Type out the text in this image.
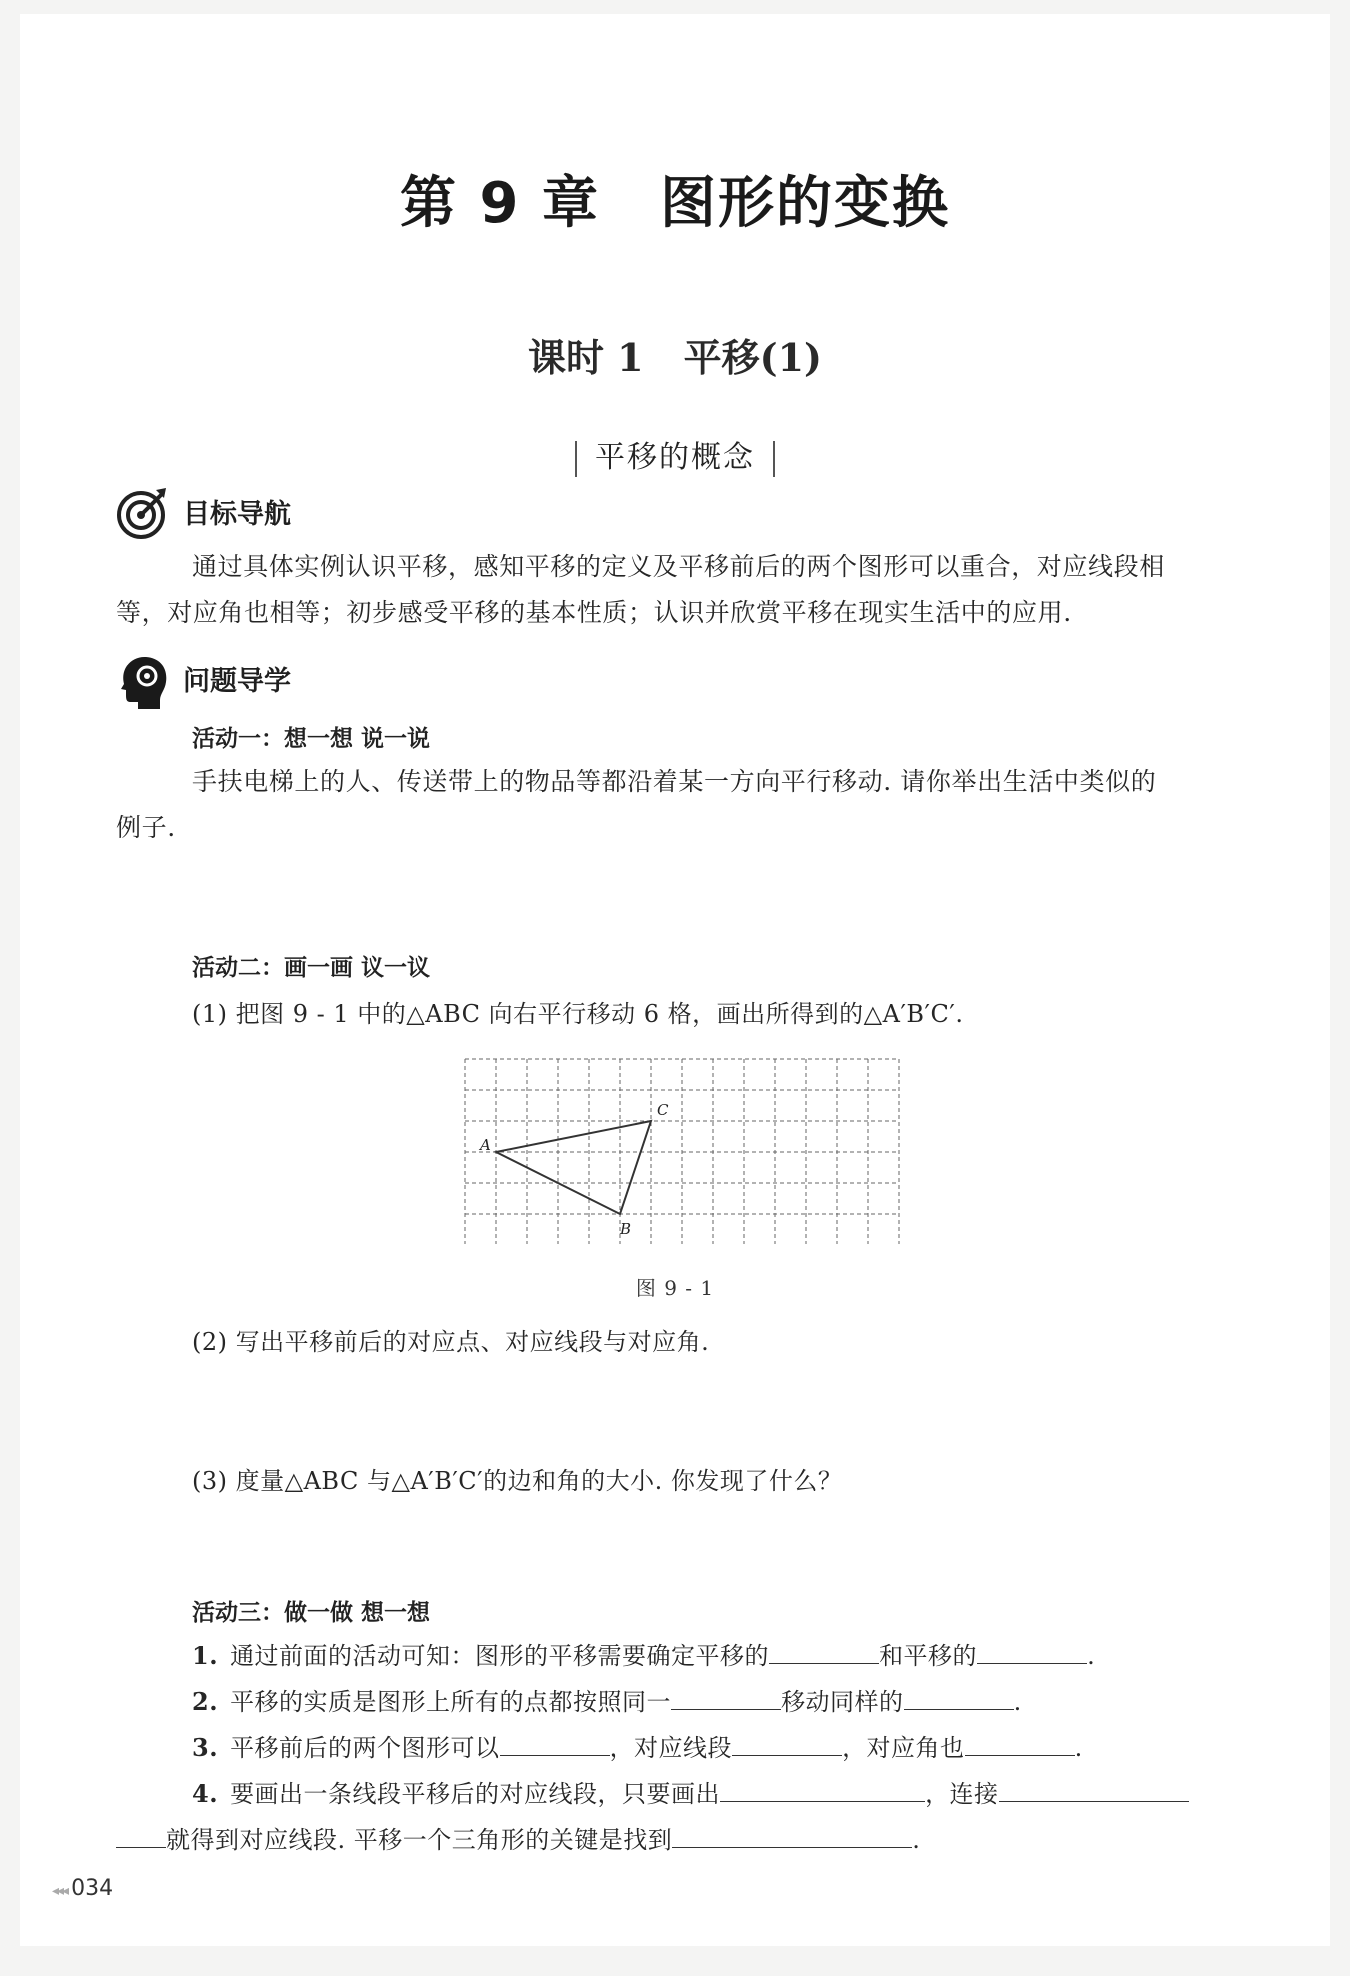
第 9 章 图形的变换
课时 1 平移(1)
平移的概念
目标导航
通过具体实例认识平移，感知平移的定义及平移前后的两个图形可以重合，对应线段相
等，对应角也相等；初步感受平移的基本性质；认识并欣赏平移在现实生活中的应用.
问题导学
活动一：想一想 说一说
手扶电梯上的人、传送带上的物品等都沿着某一方向平行移动. 请你举出生活中类似的
例子.
活动二：画一画 议一议
(1) 把图 9 - 1 中的△ABC 向右平行移动 6 格，画出所得到的△A′B′C′.
A
B
C
图 9 - 1
(2) 写出平移前后的对应点、对应线段与对应角.
(3) 度量△ABC 与△A′B′C′的边和角的大小. 你发现了什么？
活动三：做一做 想一想
1. 通过前面的活动可知：图形的平移需要确定平移的	和平移的	.
2. 平移的实质是图形上所有的点都按照同一	移动同样的	.
3. 平移前后的两个图形可以	，对应线段	，对应角也	.
4. 要画出一条线段平移后的对应线段，只要画出	，连接
就得到对应线段. 平移一个三角形的关键是找到	.
◂◂◂ 034
